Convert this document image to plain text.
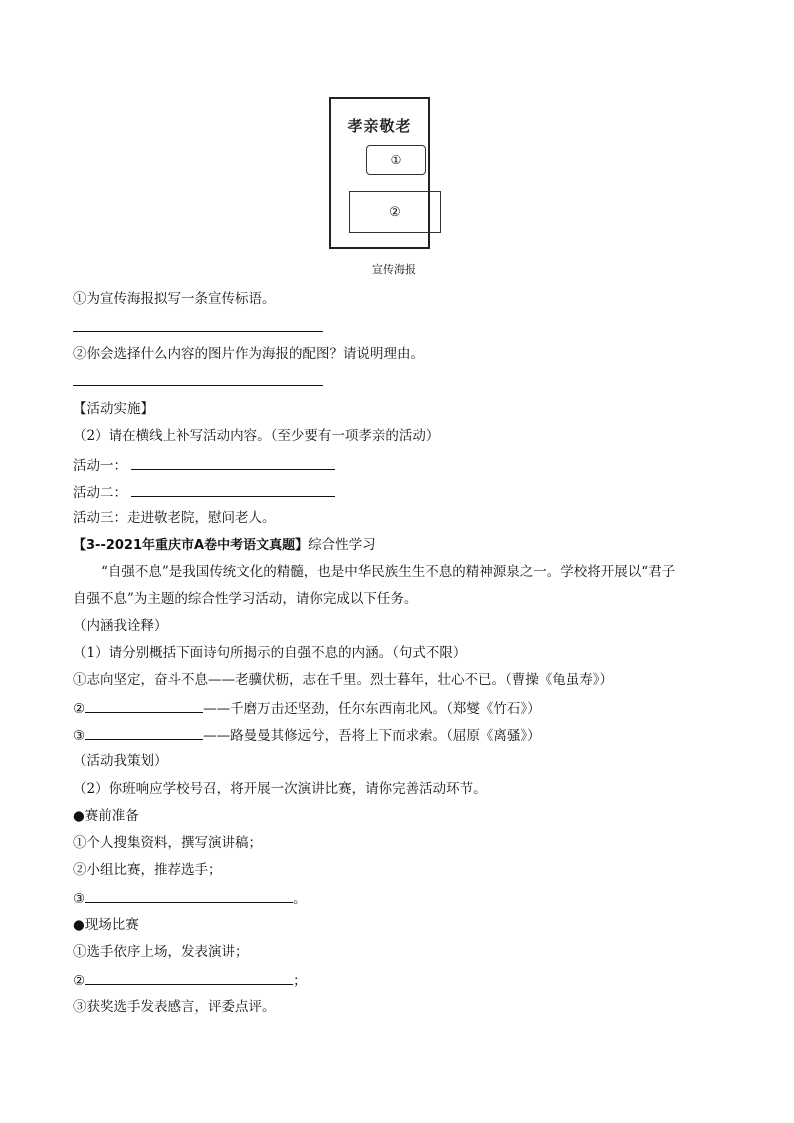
孝亲敬老
①
②
宣传海报
①为宣传海报拟写一条宣传标语。
②你会选择什么内容的图片作为海报的配图？请说明理由。
【活动实施】
（2）请在横线上补写活动内容。（至少要有一项孝亲的活动）
活动一：
活动二：
活动三：走进敬老院，慰问老人。
【3--2021年重庆市A卷中考语文真题】综合性学习
“自强不息”是我国传统文化的精髓，也是中华民族生生不息的精神源泉之一。学校将开展以“君子
自强不息”为主题的综合性学习活动，请你完成以下任务。
（内涵我诠释）
（1）请分别概括下面诗句所揭示的自强不息的内涵。（句式不限）
①志向坚定，奋斗不息——老骥伏枥，志在千里。烈士暮年，壮心不已。（曹操《龟虽寿》）
②	——千磨万击还坚劲，任尔东西南北风。（郑燮《竹石》）
③	——路曼曼其修远兮，吾将上下而求索。（屈原《离骚》）
（活动我策划）
（2）你班响应学校号召，将开展一次演讲比赛，请你完善活动环节。
●赛前准备
①个人搜集资料，撰写演讲稿；
②小组比赛，推荐选手；
③	。
●现场比赛
①选手依序上场，发表演讲；
②	；
③获奖选手发表感言，评委点评。
